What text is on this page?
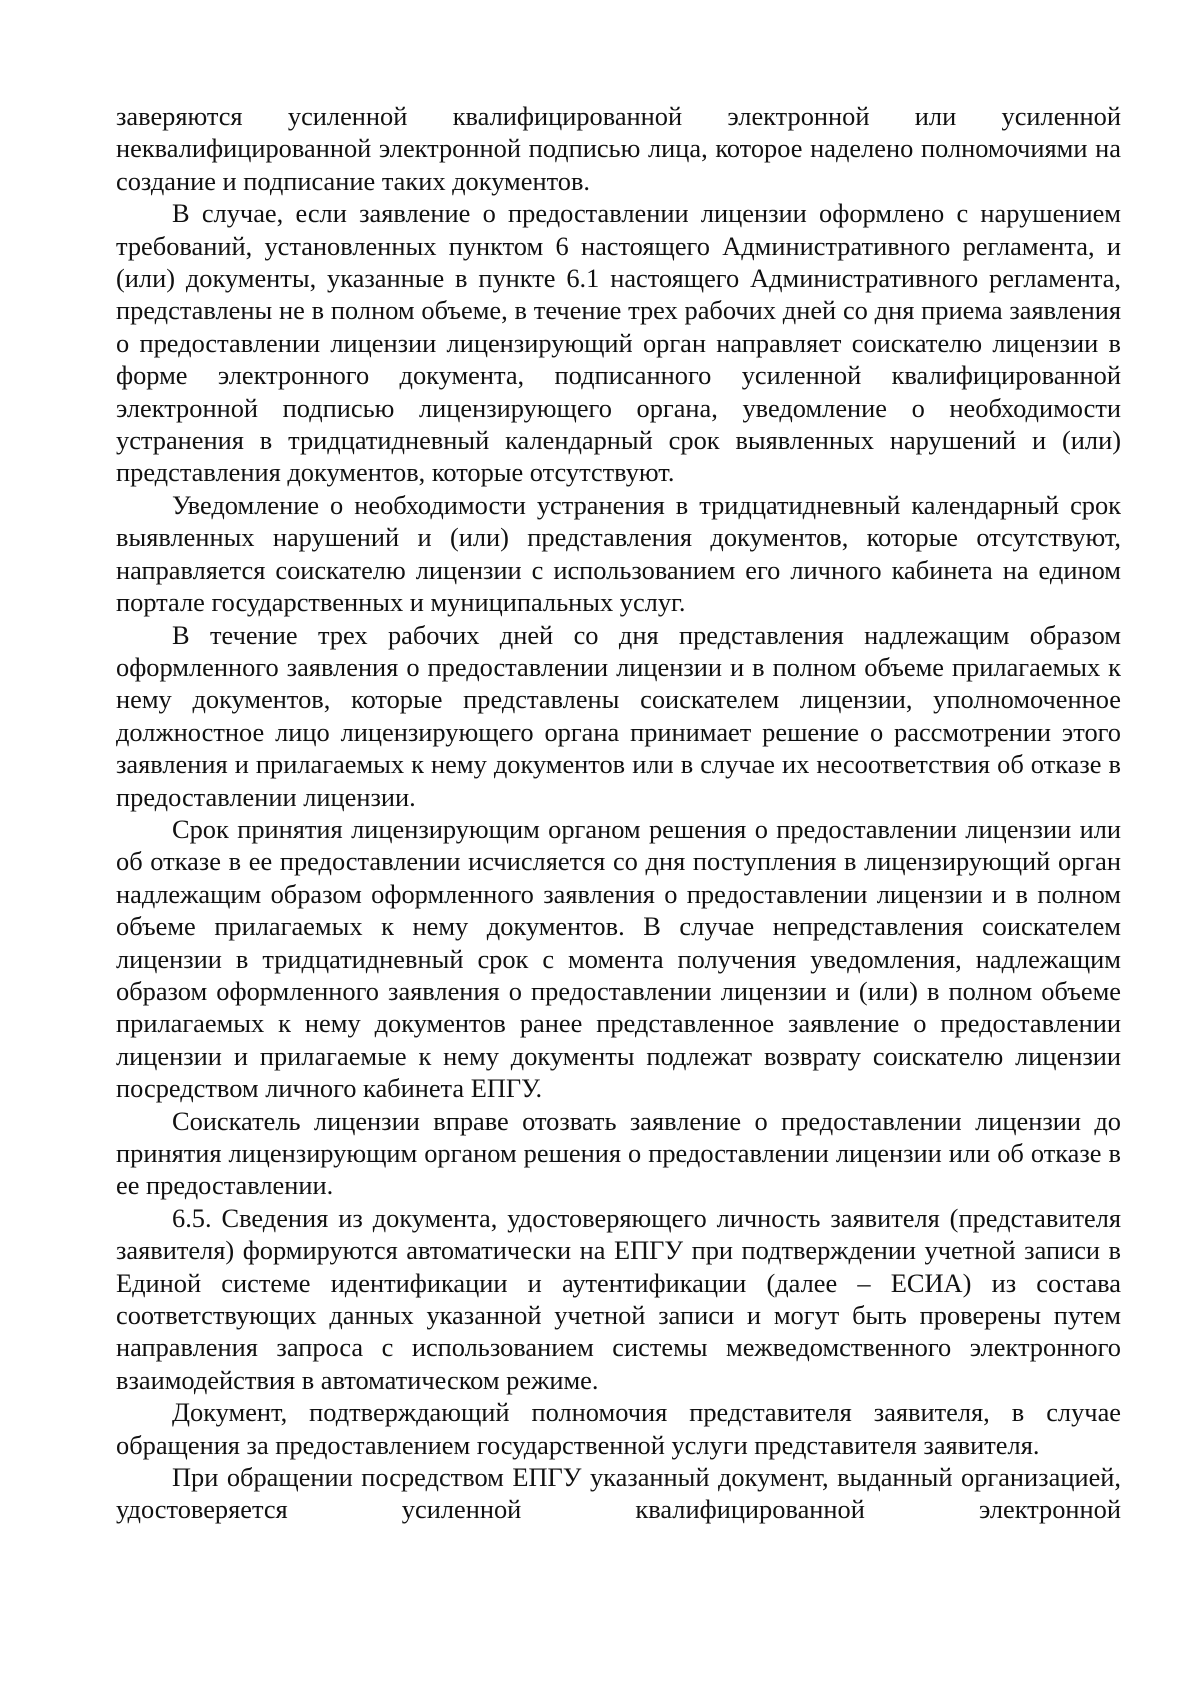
заверяются усиленной квалифицированной электронной или усиленной неквалифицированной электронной подписью лица, которое наделено полномочиями на создание и подписание таких документов.

В случае, если заявление о предоставлении лицензии оформлено с нарушением требований, установленных пунктом 6 настоящего Административного регламента, и (или) документы, указанные в пункте 6.1 настоящего Административного регламента, представлены не в полном объеме, в течение трех рабочих дней со дня приема заявления о предоставлении лицензии лицензирующий орган направляет соискателю лицензии в форме электронного документа, подписанного усиленной квалифицированной электронной подписью лицензирующего органа, уведомление о необходимости устранения в тридцатидневный календарный срок выявленных нарушений и (или) представления документов, которые отсутствуют.

Уведомление о необходимости устранения в тридцатидневный календарный срок выявленных нарушений и (или) представления документов, которые отсутствуют, направляется соискателю лицензии с использованием его личного кабинета на едином портале государственных и муниципальных услуг.

В течение трех рабочих дней со дня представления надлежащим образом оформленного заявления о предоставлении лицензии и в полном объеме прилагаемых к нему документов, которые представлены соискателем лицензии, уполномоченное должностное лицо лицензирующего органа принимает решение о рассмотрении этого заявления и прилагаемых к нему документов или в случае их несоответствия об отказе в предоставлении лицензии.

Срок принятия лицензирующим органом решения о предоставлении лицензии или об отказе в ее предоставлении исчисляется со дня поступления в лицензирующий орган надлежащим образом оформленного заявления о предоставлении лицензии и в полном объеме прилагаемых к нему документов. В случае непредставления соискателем лицензии в тридцатидневный срок с момента получения уведомления, надлежащим образом оформленного заявления о предоставлении лицензии и (или) в полном объеме прилагаемых к нему документов ранее представленное заявление о предоставлении лицензии и прилагаемые к нему документы подлежат возврату соискателю лицензии посредством личного кабинета ЕПГУ.

Соискатель лицензии вправе отозвать заявление о предоставлении лицензии до принятия лицензирующим органом решения о предоставлении лицензии или об отказе в ее предоставлении.

6.5. Сведения из документа, удостоверяющего личность заявителя (представителя заявителя) формируются автоматически на ЕПГУ при подтверждении учетной записи в Единой системе идентификации и аутентификации (далее – ЕСИА) из состава соответствующих данных указанной учетной записи и могут быть проверены путем направления запроса с использованием системы межведомственного электронного взаимодействия в автоматическом режиме.

Документ, подтверждающий полномочия представителя заявителя, в случае обращения за предоставлением государственной услуги представителя заявителя.

При обращении посредством ЕПГУ указанный документ, выданный организацией, удостоверяется усиленной квалифицированной электронной
